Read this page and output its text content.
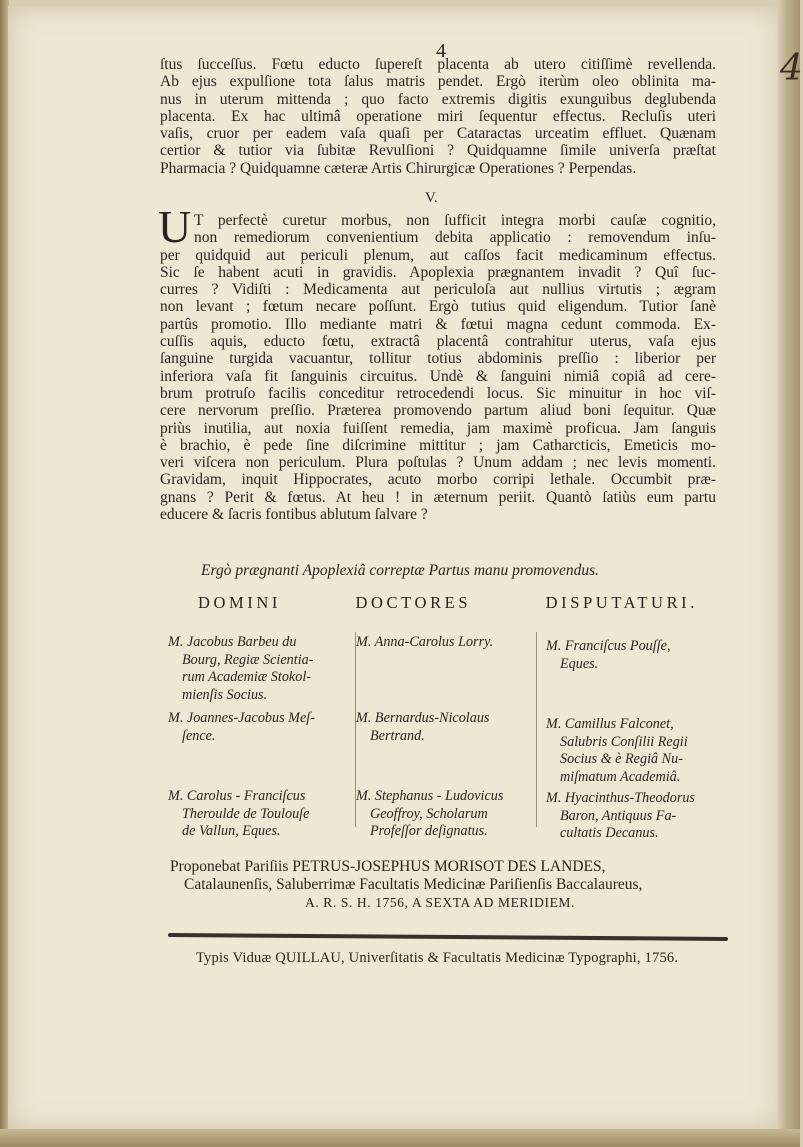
4
4
ſtus ſucceſſus. Fœtu educto ſupereſt placenta ab utero citiſſimè revellenda.
Ab ejus expulſione tota ſalus matris pendet. Ergò iterùm oleo oblinita ma-
nus in uterum mittenda ; quo facto extremis digitis exunguibus deglubenda
placenta. Ex hac ultimâ operatione miri ſequentur effectus. Recluſis uteri
vaſis, cruor per eadem vaſa quaſi per Cataractas urceatim effluet. Quænam
certior & tutior via ſubitæ Revulſioni ? Quidquamne ſimile univerſa præſtat
Pharmacia ? Quidquamne cæteræ Artis Chirurgicæ Operationes ? Perpendas.
V.
U T perfectè curetur morbus, non ſufficit integra morbi cauſæ cognitio,
non remediorum convenientium debita applicatio : removendum inſu-
per quidquid aut periculi plenum, aut caſſos facit medicaminum effectus.
Sic ſe habent acuti in gravidis. Apoplexia prægnantem invadit ? Quî ſuc-
curres ? Vidiſti : Medicamenta aut periculoſa aut nullius virtutis ; ægram
non levant ; fœtum necare poſſunt. Ergò tutius quid eligendum. Tutior ſanè
partûs promotio. Illo mediante matri & fœtui magna cedunt commoda. Ex-
cuſſis aquis, educto fœtu, extractâ placentâ contrahitur uterus, vaſa ejus
ſanguine turgida vacuantur, tollitur totius abdominis preſſio : liberior per
inferiora vaſa fit ſanguinis circuitus. Undè & ſanguini nimiâ copiâ ad cere-
brum protruſo facilis conceditur retrocedendi locus. Sic minuitur in hoc viſ-
cere nervorum preſſio. Præterea promovendo partum aliud boni ſequitur. Quæ
priùs inutilia, aut noxia fuiſſent remedia, jam maximè proficua. Jam ſanguis
è brachio, è pede ſine diſcrimine mittitur ; jam Catharcticis, Emeticis mo-
veri viſcera non periculum. Plura poſtulas ? Unum addam ; nec levis momenti.
Gravidam, inquit Hippocrates, acuto morbo corripi lethale. Occumbit præ-
gnans ? Perit & fœtus. At heu ! in æternum periit. Quantò ſatiùs eum partu
educere & ſacris fontibus ablutum ſalvare ?
Ergò prægnanti Apoplexiâ correptæ Partus manu promovendus.
DOMINI DOCTORES DISPUTATURI.
M. Jacobus Barbeu du
Bourg, Regiæ Scientia-
rum Academiæ Stokol-
mienſis Socius.
M. Anna-Carolus Lorry.	M. Franciſcus Pouſſe,
Eques.
M. Joannes-Jacobus Meſ-
ſence.
M. Bernardus-Nicolaus
Bertrand.
M. Camillus Falconet,
Salubris Conſilii Regii
Socius & è Regiâ Nu-
miſmatum Academiâ.
M. Carolus - Franciſcus
Theroulde de Toulouſe
de Vallun, Eques.
M. Stephanus - Ludovicus
Geoffroy, Scholarum
Profeſſor deſignatus.
M. Hyacinthus-Theodorus
Baron, Antiquus Fa-
cultatis Decanus.
Proponebat Pariſiis PETRUS-JOSEPHUS MORISOT DES LANDES,
Catalaunenſis, Saluberrimæ Facultatis Medicinæ Pariſienſis Baccalaureus,
A. R. S. H. 1756, A SEXTA AD MERIDIEM.
Typis Viduæ QUILLAU, Univerſitatis & Facultatis Medicinæ Typographi, 1756.
